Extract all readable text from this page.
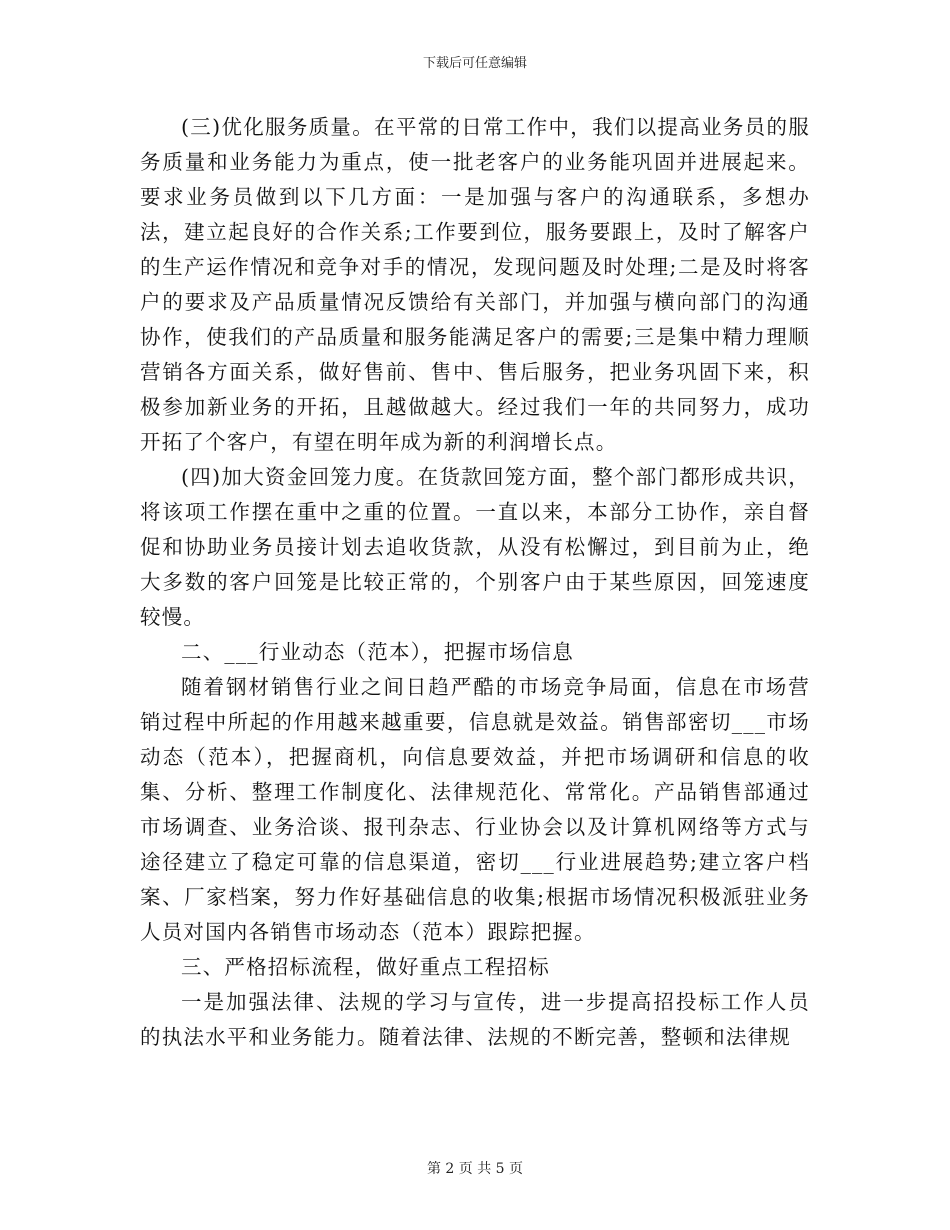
下载后可任意编辑

(三)优化服务质量。在平常的日常工作中，我们以提高业务员的服务质量和业务能力为重点，使一批老客户的业务能巩固并进展起来。要求业务员做到以下几方面：一是加强与客户的沟通联系，多想办法，建立起良好的合作关系;工作要到位，服务要跟上，及时了解客户的生产运作情况和竞争对手的情况，发现问题及时处理;二是及时将客户的要求及产品质量情况反馈给有关部门，并加强与横向部门的沟通协作，使我们的产品质量和服务能满足客户的需要;三是集中精力理顺营销各方面关系，做好售前、售中、售后服务，把业务巩固下来，积极参加新业务的开拓，且越做越大。经过我们一年的共同努力，成功开拓了个客户，有望在明年成为新的利润增长点。

(四)加大资金回笼力度。在货款回笼方面，整个部门都形成共识，将该项工作摆在重中之重的位置。一直以来，本部分工协作，亲自督促和协助业务员接计划去追收货款，从没有松懈过，到目前为止，绝大多数的客户回笼是比较正常的，个别客户由于某些原因，回笼速度较慢。

二、___行业动态（范本），把握市场信息

随着钢材销售行业之间日趋严酷的市场竞争局面，信息在市场营销过程中所起的作用越来越重要，信息就是效益。销售部密切___市场动态（范本），把握商机，向信息要效益，并把市场调研和信息的收集、分析、整理工作制度化、法律规范化、常常化。产品销售部通过市场调查、业务洽谈、报刊杂志、行业协会以及计算机网络等方式与途径建立了稳定可靠的信息渠道，密切___行业进展趋势;建立客户档案、厂家档案，努力作好基础信息的收集;根据市场情况积极派驻业务人员对国内各销售市场动态（范本）跟踪把握。

三、严格招标流程，做好重点工程招标

一是加强法律、法规的学习与宣传，进一步提高招投标工作人员的执法水平和业务能力。随着法律、法规的不断完善，整顿和法律规

第 2 页 共 5 页
